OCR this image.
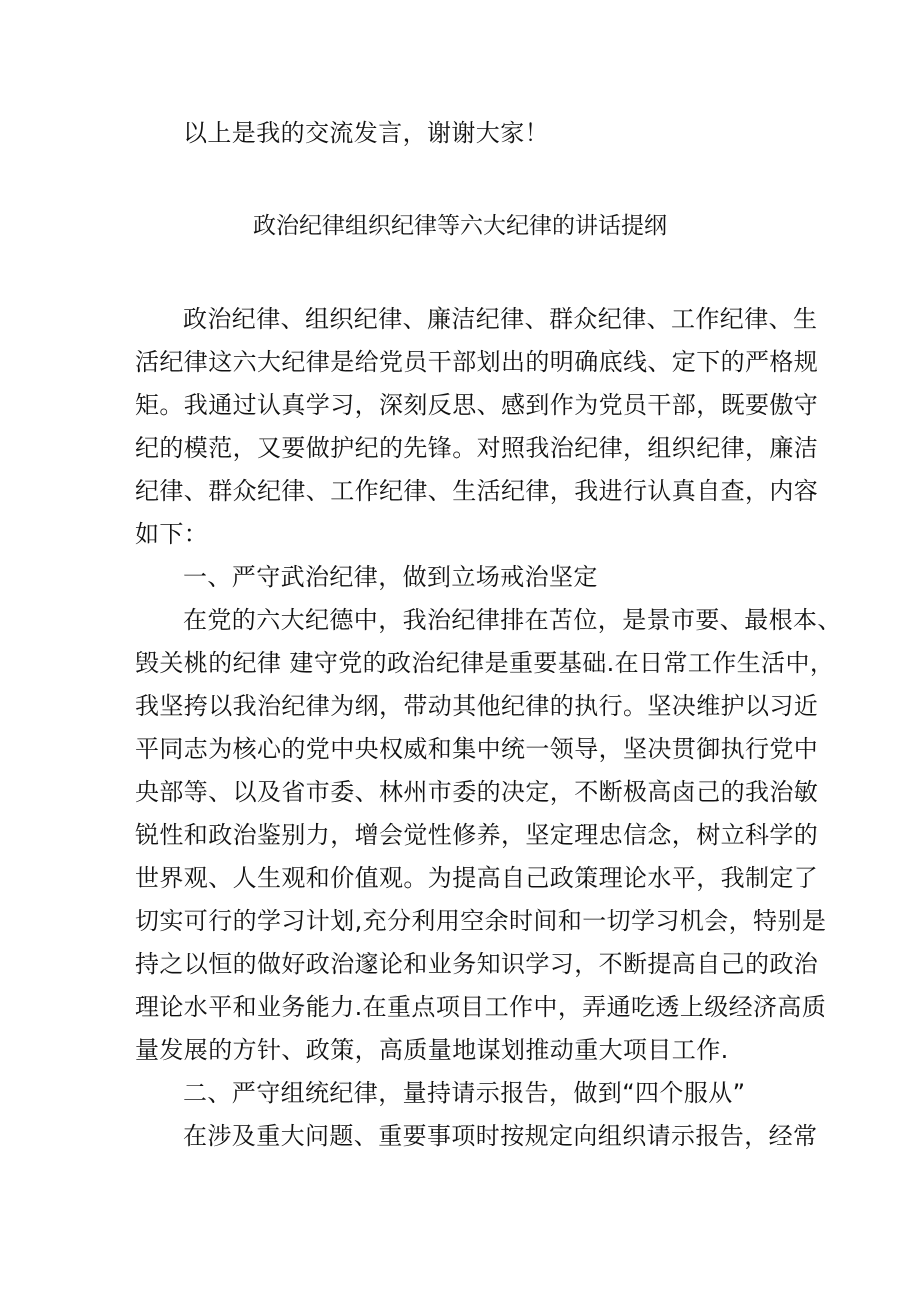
以上是我的交流发言，谢谢大家！
政治纪律组织纪律等六大纪律的讲话提纲
政治纪律、组织纪律、廉洁纪律、群众纪律、工作纪律、生
活纪律这六大纪律是给党员干部划出的明确底线、定下的严格规
矩。我通过认真学习，深刻反思、感到作为党员干部，既要傲守
纪的模范，又要做护纪的先锋。对照我治纪律，组织纪律，廉洁
纪律、群众纪律、工作纪律、生活纪律，我进行认真自查，内容
如下：
一、严守武治纪律，做到立场戒治坚定
在党的六大纪德中，我治纪律排在苫位，是景市要、最根本、
毁关桃的纪律 建守党的政治纪律是重要基础.在日常工作生活中，
我坚挎以我治纪律为纲，带动其他纪律的执行。坚决维护以习近
平同志为核心的党中央权威和集中统一领导，坚决贯御执行党中
央部等、以及省市委、林州市委的决定，不断极高卤己的我治敏
锐性和政治鉴别力，增会觉性修养，坚定理忠信念，树立科学的
世界观、人生观和价值观。为提高自己政策理论水平，我制定了
切实可行的学习计划,充分利用空余时间和一切学习机会，特别是
持之以恒的做好政治邃论和业务知识学习，不断提高自己的政治
理论水平和业务能力.在重点项目工作中，弄通吃透上级经济高质
量发展的方针、政策，高质量地谋划推动重大项目工作.
二、严守组统纪律，量持请示报告，做到“四个服从”
在涉及重大问题、重要事项时按规定向组织请示报告，经常
